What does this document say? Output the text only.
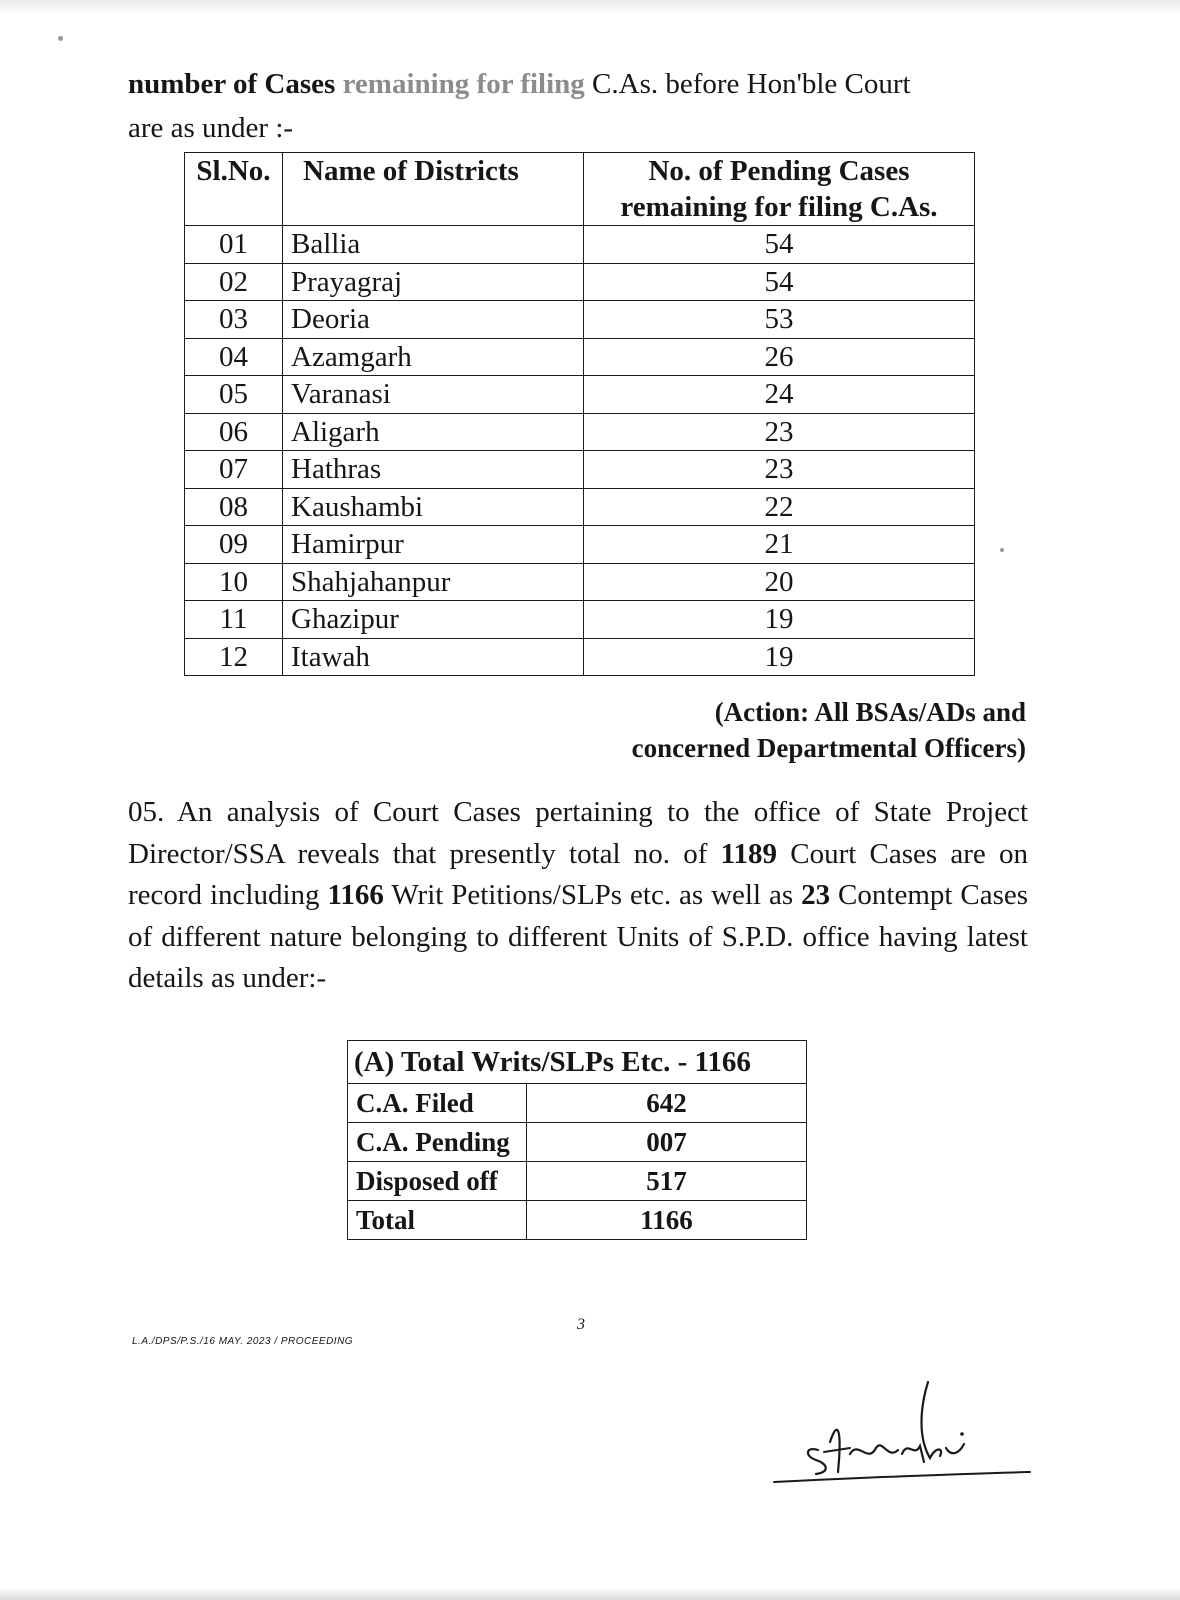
number of Cases remaining for filing C.As. before Hon'ble Court
are as under :-
Sl.No.	Name of Districts	No. of Pending Cases
remaining for filing C.As.
01	Ballia	54
02	Prayagraj	54
03	Deoria	53
04	Azamgarh	26
05	Varanasi	24
06	Aligarh	23
07	Hathras	23
08	Kaushambi	22
09	Hamirpur	21
10	Shahjahanpur	20
11	Ghazipur	19
12	Itawah	19
(Action: All BSAs/ADs and
concerned Departmental Officers)
05. An analysis of Court Cases pertaining to the office of State Project Director/SSA reveals that presently total no. of 1189 Court Cases are on record including 1166 Writ Petitions/SLPs etc. as well as 23 Contempt Cases of different nature belonging to different Units of S.P.D. office having latest details as under:-
(A) Total Writs/SLPs Etc. - 1166	
C.A. Filed	642
C.A. Pending	007
Disposed off	517
Total	1166
3
L.A./DPS/P.S./16 MAY. 2023 / PROCEEDING
